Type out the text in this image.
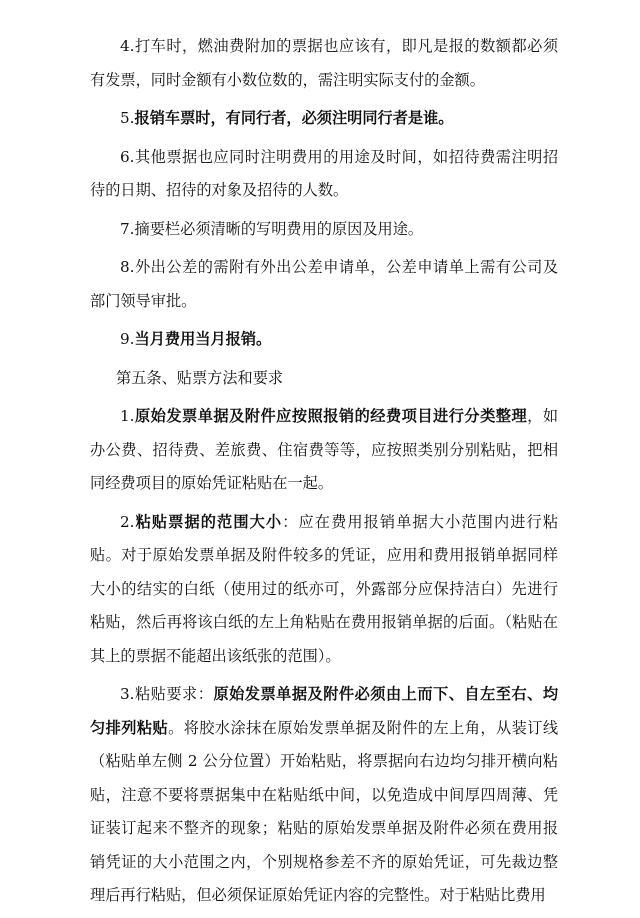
4.打车时，燃油费附加的票据也应该有，即凡是报的数额都必须有发票，同时金额有小数位数的，需注明实际支付的金额。

5.报销车票时，有同行者，必须注明同行者是谁。

6.其他票据也应同时注明费用的用途及时间，如招待费需注明招待的日期、招待的对象及招待的人数。

7.摘要栏必须清晰的写明费用的原因及用途。

8.外出公差的需附有外出公差申请单，公差申请单上需有公司及部门领导审批。

9.当月费用当月报销。

第五条、贴票方法和要求

1.原始发票单据及附件应按照报销的经费项目进行分类整理，如办公费、招待费、差旅费、住宿费等等，应按照类别分别粘贴，把相同经费项目的原始凭证粘贴在一起。

2.粘贴票据的范围大小：应在费用报销单据大小范围内进行粘贴。对于原始发票单据及附件较多的凭证，应用和费用报销单据同样大小的结实的白纸（使用过的纸亦可，外露部分应保持洁白）先进行粘贴，然后再将该白纸的左上角粘贴在费用报销单据的后面。（粘贴在其上的票据不能超出该纸张的范围）。

3.粘贴要求：原始发票单据及附件必须由上而下、自左至右、均匀排列粘贴。将胶水涂抹在原始发票单据及附件的左上角，从装订线（粘贴单左侧 2 公分位置）开始粘贴，将票据向右边均匀排开横向粘贴，注意不要将票据集中在粘贴纸中间，以免造成中间厚四周薄、凭证装订起来不整齐的现象；粘贴的原始发票单据及附件必须在费用报销凭证的大小范围之内，个别规格参差不齐的原始凭证，可先裁边整理后再行粘贴，但必须保证原始凭证内容的完整性。对于粘贴比费用
